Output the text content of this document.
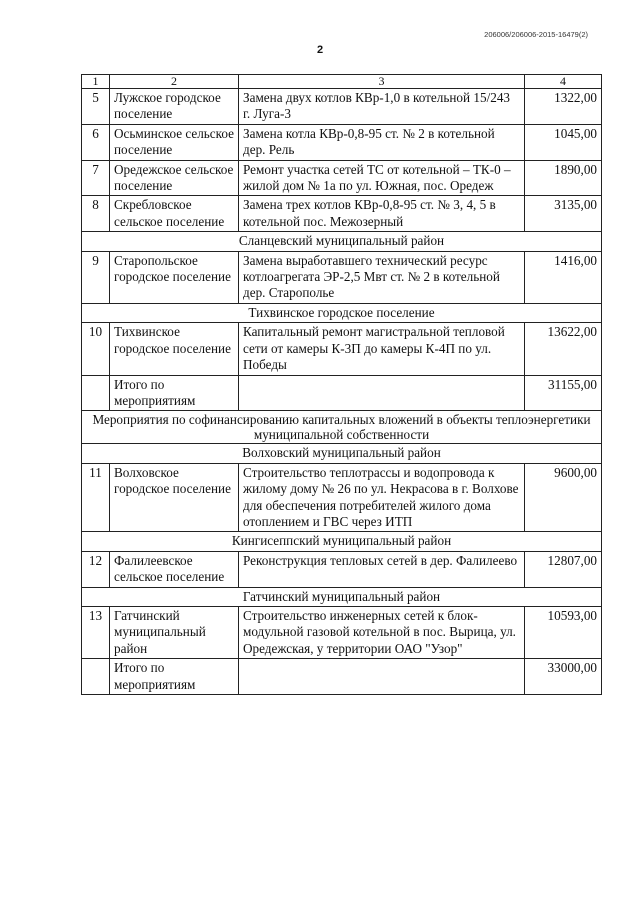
206006/206006-2015-16479(2)
2
1	2	3	4
5	Лужское городское поселение	Замена двух котлов КВр-1,0 в котельной 15/243 г. Луга-3	1322,00
6	Осьминское сельское поселение	Замена котла КВр-0,8-95 ст. № 2 в котельной дер. Рель	1045,00
7	Оредежское сельское поселение	Ремонт участка сетей ТС от котельной – ТК-0 – жилой дом № 1а по ул. Южная, пос. Оредеж	1890,00
8	Скребловское сельское поселение	Замена трех котлов КВр-0,8-95 ст. № 3, 4, 5 в котельной пос. Межозерный	3135,00
Сланцевский муниципальный район			
9	Старопольское городское поселение	Замена выработавшего технический ресурс котлоагрегата ЭР-2,5 Мвт ст. № 2 в котельной дер. Старополье	1416,00
Тихвинское городское поселение			
10	Тихвинское городское поселение	Капитальный ремонт магистральной тепловой сети от камеры К-3П до камеры К-4П по ул. Победы	13622,00
	Итого по мероприятиям		31155,00
Мероприятия по софинансированию капитальных вложений в объекты теплоэнергетики муниципальной собственности			
Волховский муниципальный район			
11	Волховское городское поселение	Строительство теплотрассы и водопровода к жилому дому № 26 по ул. Некрасова в г. Волхове для обеспечения потребителей жилого дома отоплением и ГВС через ИТП	9600,00
Кингисеппский муниципальный район			
12	Фалилеевское сельское поселение	Реконструкция тепловых сетей в дер. Фалилеево	12807,00
Гатчинский муниципальный район			
13	Гатчинский муниципальный район	Строительство инженерных сетей к блок-модульной газовой котельной в пос. Вырица, ул. Оредежская, у территории ОАО "Узор"	10593,00
	Итого по мероприятиям		33000,00
